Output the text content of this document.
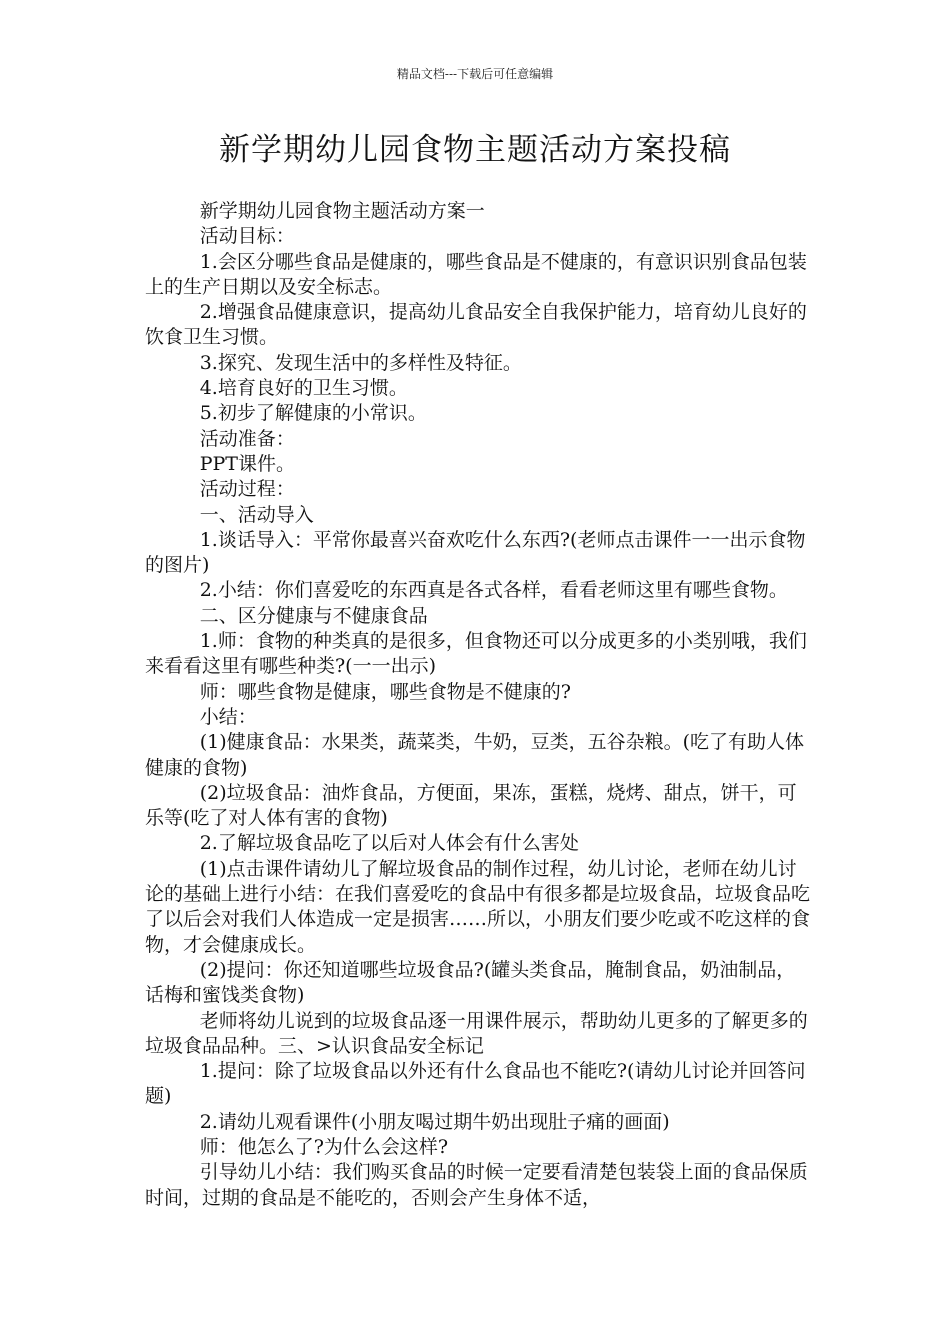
精品文档---下载后可任意编辑
新学期幼儿园食物主题活动方案投稿

新学期幼儿园食物主题活动方案一

活动目标：

1.会区分哪些食品是健康的，哪些食品是不健康的，有意识识别食品包装上的生产日期以及安全标志。

2.增强食品健康意识，提高幼儿食品安全自我保护能力，培育幼儿良好的饮食卫生习惯。

3.探究、发现生活中的多样性及特征。

4.培育良好的卫生习惯。

5.初步了解健康的小常识。

活动准备：

PPT课件。

活动过程：

一、活动导入

1.谈话导入：平常你最喜兴奋欢吃什么东西?(老师点击课件一一出示食物的图片)

2.小结：你们喜爱吃的东西真是各式各样，看看老师这里有哪些食物。

二、区分健康与不健康食品

1.师：食物的种类真的是很多，但食物还可以分成更多的小类别哦，我们来看看这里有哪些种类?(一一出示)

师：哪些食物是健康，哪些食物是不健康的?

小结：

(1)健康食品：水果类，蔬菜类，牛奶，豆类，五谷杂粮。(吃了有助人体健康的食物)

(2)垃圾食品：油炸食品，方便面，果冻，蛋糕，烧烤、甜点，饼干，可乐等(吃了对人体有害的食物)

2.了解垃圾食品吃了以后对人体会有什么害处

(1)点击课件请幼儿了解垃圾食品的制作过程，幼儿讨论，老师在幼儿讨论的基础上进行小结：在我们喜爱吃的食品中有很多都是垃圾食品，垃圾食品吃了以后会对我们人体造成一定是损害……所以，小朋友们要少吃或不吃这样的食物，才会健康成长。

(2)提问：你还知道哪些垃圾食品?(罐头类食品，腌制食品，奶油制品，话梅和蜜饯类食物)

老师将幼儿说到的垃圾食品逐一用课件展示，帮助幼儿更多的了解更多的垃圾食品品种。三、>认识食品安全标记

1.提问：除了垃圾食品以外还有什么食品也不能吃?(请幼儿讨论并回答问题)

2.请幼儿观看课件(小朋友喝过期牛奶出现肚子痛的画面)

师：他怎么了?为什么会这样?

引导幼儿小结：我们购买食品的时候一定要看清楚包装袋上面的食品保质时间，过期的食品是不能吃的，否则会产生身体不适，
